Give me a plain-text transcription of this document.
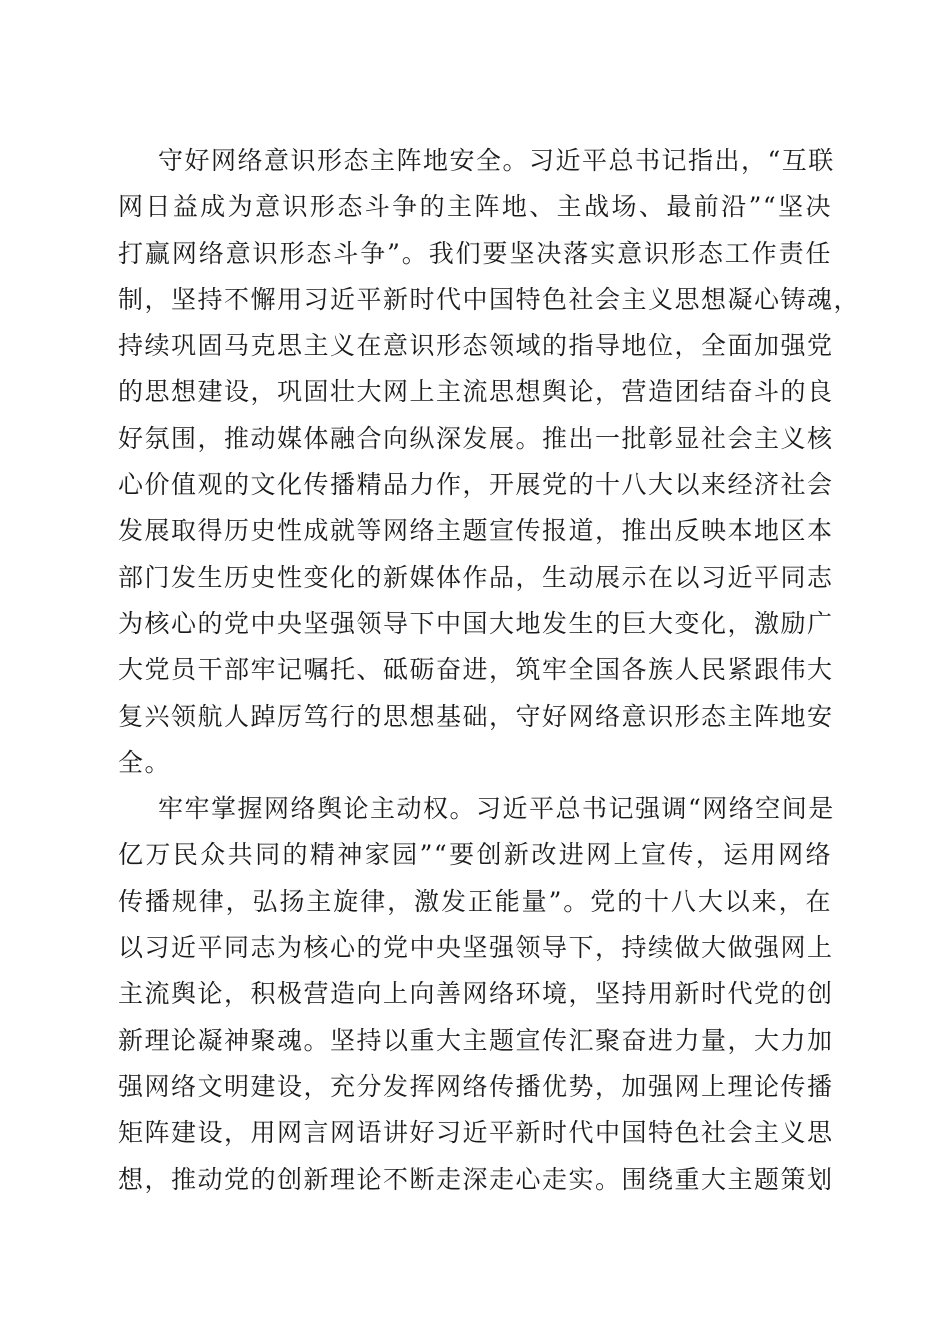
守好网络意识形态主阵地安全。习近平总书记指出，“互联
网日益成为意识形态斗争的主阵地、主战场、最前沿”“坚决
打赢网络意识形态斗争”。我们要坚决落实意识形态工作责任
制，坚持不懈用习近平新时代中国特色社会主义思想凝心铸魂，
持续巩固马克思主义在意识形态领域的指导地位，全面加强党
的思想建设，巩固壮大网上主流思想舆论，营造团结奋斗的良
好氛围，推动媒体融合向纵深发展。推出一批彰显社会主义核
心价值观的文化传播精品力作，开展党的十八大以来经济社会
发展取得历史性成就等网络主题宣传报道，推出反映本地区本
部门发生历史性变化的新媒体作品，生动展示在以习近平同志
为核心的党中央坚强领导下中国大地发生的巨大变化，激励广
大党员干部牢记嘱托、砥砺奋进，筑牢全国各族人民紧跟伟大
复兴领航人踔厉笃行的思想基础，守好网络意识形态主阵地安
全。
牢牢掌握网络舆论主动权。习近平总书记强调“网络空间是
亿万民众共同的精神家园”“要创新改进网上宣传，运用网络
传播规律，弘扬主旋律，激发正能量”。党的十八大以来，在
以习近平同志为核心的党中央坚强领导下，持续做大做强网上
主流舆论，积极营造向上向善网络环境，坚持用新时代党的创
新理论凝神聚魂。坚持以重大主题宣传汇聚奋进力量，大力加
强网络文明建设，充分发挥网络传播优势，加强网上理论传播
矩阵建设，用网言网语讲好习近平新时代中国特色社会主义思
想，推动党的创新理论不断走深走心走实。围绕重大主题策划
